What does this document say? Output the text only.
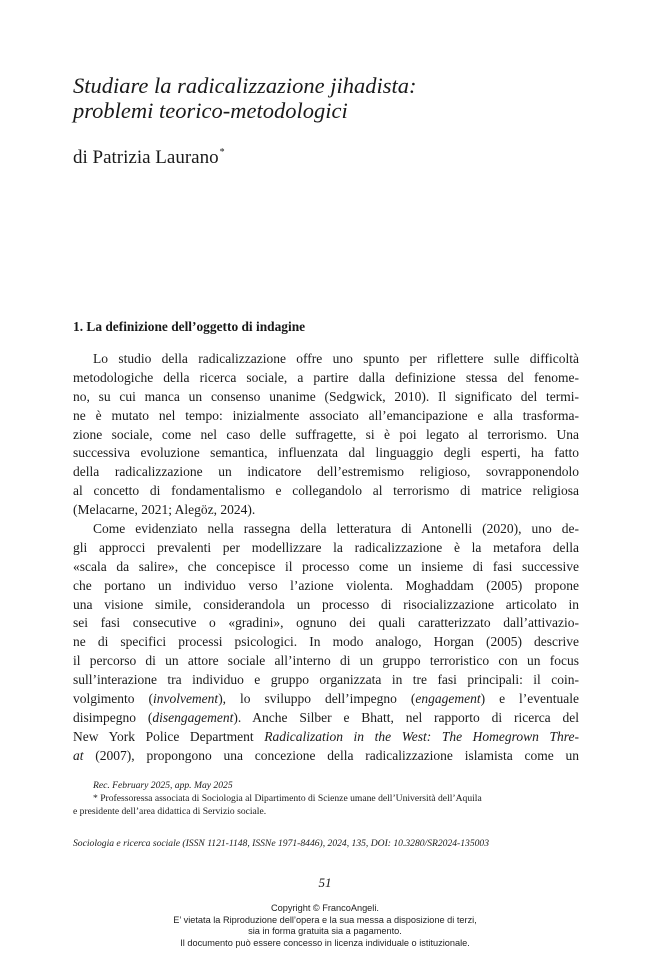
Studiare la radicalizzazione jihadista:
problemi teorico-metodologici
di Patrizia Laurano*
1. La definizione dell’oggetto di indagine
Lo studio della radicalizzazione offre uno spunto per riflettere sulle difficoltà
metodologiche della ricerca sociale, a partire dalla definizione stessa del fenome-
no, su cui manca un consenso unanime (Sedgwick, 2010). Il significato del termi-
ne è mutato nel tempo: inizialmente associato all’emancipazione e alla trasforma-
zione sociale, come nel caso delle suffragette, si è poi legato al terrorismo. Una
successiva evoluzione semantica, influenzata dal linguaggio degli esperti, ha fatto
della radicalizzazione un indicatore dell’estremismo religioso, sovrapponendolo
al concetto di fondamentalismo e collegandolo al terrorismo di matrice religiosa
(Melacarne, 2021; Alegöz, 2024).
Come evidenziato nella rassegna della letteratura di Antonelli (2020), uno de-
gli approcci prevalenti per modellizzare la radicalizzazione è la metafora della
«scala da salire», che concepisce il processo come un insieme di fasi successive
che portano un individuo verso l’azione violenta. Moghaddam (2005) propone
una visione simile, considerandola un processo di risocializzazione articolato in
sei fasi consecutive o «gradini», ognuno dei quali caratterizzato dall’attivazio-
ne di specifici processi psicologici. In modo analogo, Horgan (2005) descrive
il percorso di un attore sociale all’interno di un gruppo terroristico con un focus
sull’interazione tra individuo e gruppo organizzata in tre fasi principali: il coin-
volgimento (involvement), lo sviluppo dell’impegno (engagement) e l’eventuale
disimpegno (disengagement). Anche Silber e Bhatt, nel rapporto di ricerca del
New York Police Department Radicalization in the West: The Homegrown Thre-
at (2007), propongono una concezione della radicalizzazione islamista come un
Rec. February 2025, app. May 2025
* Professoressa associata di Sociologia al Dipartimento di Scienze umane dell’Università dell’Aquila
e presidente dell’area didattica di Servizio sociale.
Sociologia e ricerca sociale (ISSN 1121-1148, ISSNe 1971-8446), 2024, 135, DOI: 10.3280/SR2024-135003
51
Copyright © FrancoAngeli.
E’ vietata la Riproduzione dell’opera e la sua messa a disposizione di terzi,
sia in forma gratuita sia a pagamento.
Il documento può essere concesso in licenza individuale o istituzionale.
